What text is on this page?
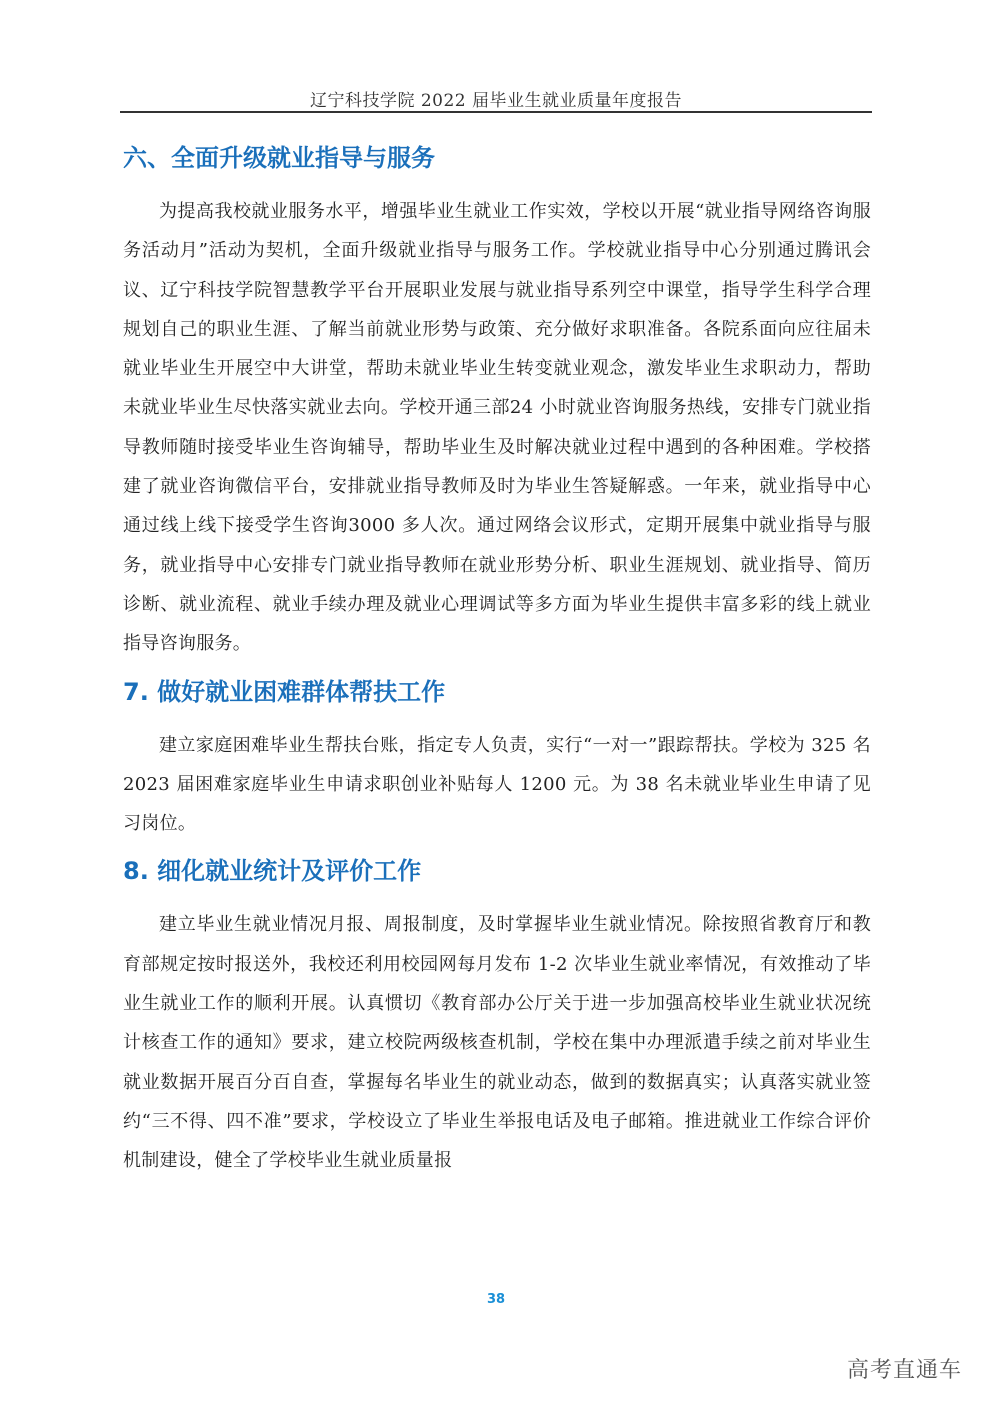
辽宁科技学院 2022 届毕业生就业质量年度报告
六、全面升级就业指导与服务

为提高我校就业服务水平，增强毕业生就业工作实效，学校以开展“就业指导网络咨询服务活动月”活动为契机，全面升级就业指导与服务工作。学校就业指导中心分别通过腾讯会议、辽宁科技学院智慧教学平台开展职业发展与就业指导系列空中课堂，指导学生科学合理规划自己的职业生涯、了解当前就业形势与政策、充分做好求职准备。各院系面向应往届未就业毕业生开展空中大讲堂，帮助未就业毕业生转变就业观念，激发毕业生求职动力，帮助未就业毕业生尽快落实就业去向。学校开通三部24 小时就业咨询服务热线，安排专门就业指导教师随时接受毕业生咨询辅导，帮助毕业生及时解决就业过程中遇到的各种困难。学校搭建了就业咨询微信平台，安排就业指导教师及时为毕业生答疑解惑。一年来，就业指导中心通过线上线下接受学生咨询3000 多人次。通过网络会议形式，定期开展集中就业指导与服务，就业指导中心安排专门就业指导教师在就业形势分析、职业生涯规划、就业指导、简历诊断、就业流程、就业手续办理及就业心理调试等多方面为毕业生提供丰富多彩的线上就业指导咨询服务。

7. 做好就业困难群体帮扶工作

建立家庭困难毕业生帮扶台账，指定专人负责，实行“一对一”跟踪帮扶。学校为 325 名 2023 届困难家庭毕业生申请求职创业补贴每人 1200 元。为 38 名未就业毕业生申请了见习岗位。

8. 细化就业统计及评价工作

建立毕业生就业情况月报、周报制度，及时掌握毕业生就业情况。除按照省教育厅和教育部规定按时报送外，我校还利用校园网每月发布 1-2 次毕业生就业率情况，有效推动了毕业生就业工作的顺利开展。认真惯切《教育部办公厅关于进一步加强高校毕业生就业状况统计核查工作的通知》要求，建立校院两级核查机制，学校在集中办理派遣手续之前对毕业生就业数据开展百分百自查，掌握每名毕业生的就业动态，做到的数据真实；认真落实就业签约“三不得、四不准”要求，学校设立了毕业生举报电话及电子邮箱。推进就业工作综合评价机制建设，健全了学校毕业生就业质量报

38
高考直通车
